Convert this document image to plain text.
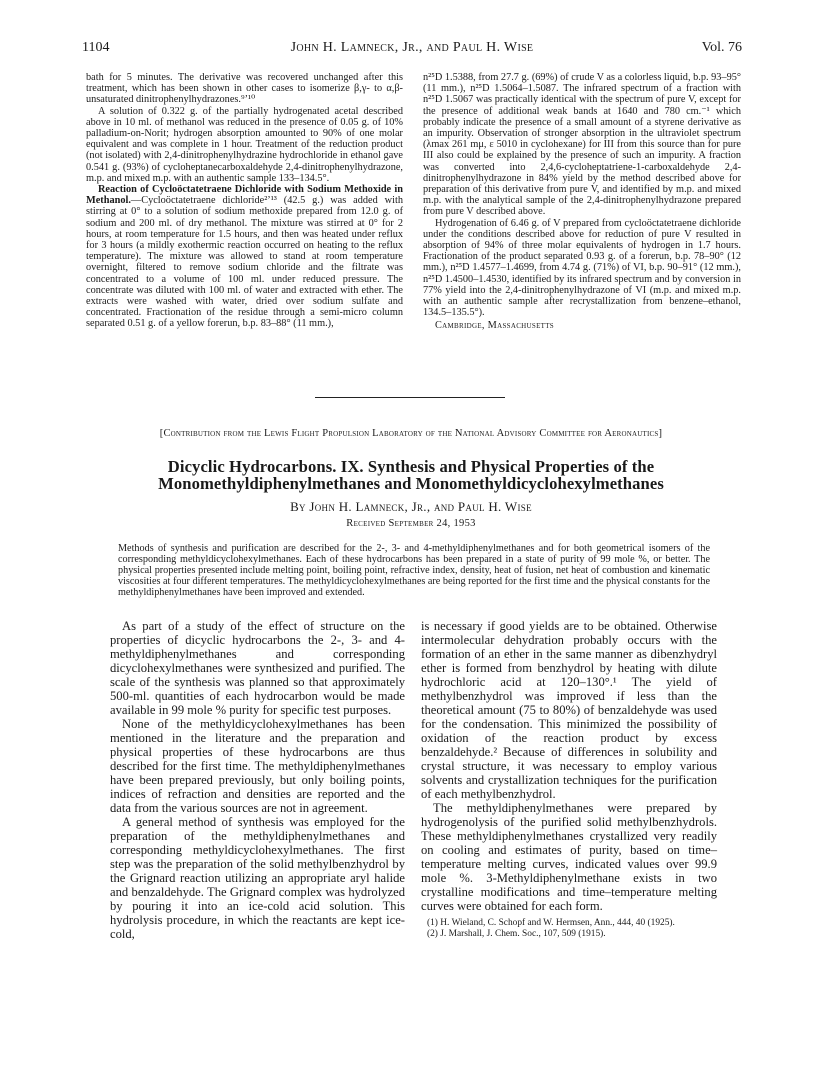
1104	John H. Lamneck, Jr., and Paul H. Wise	Vol. 76

bath for 5 minutes. The derivative was recovered unchanged after this treatment, which has been shown in other cases to isomerize β,γ- to α,β-unsaturated dinitrophenylhydrazones.⁹ʼ¹⁰

A solution of 0.322 g. of the partially hydrogenated acetal described above in 10 ml. of methanol was reduced in the presence of 0.05 g. of 10% palladium-on-Norit; hydrogen absorption amounted to 90% of one molar equivalent and was complete in 1 hour. Treatment of the reduction product (not isolated) with 2,4-dinitrophenylhydrazine hydrochloride in ethanol gave 0.541 g. (93%) of cycloheptanecarboxaldehyde 2,4-dinitrophenylhydrazone, m.p. and mixed m.p. with an authentic sample 133–134.5°.

Reaction of Cycloöctatetraene Dichloride with Sodium Methoxide in Methanol.—Cycloöctatetraene dichloride²ʼ¹³ (42.5 g.) was added with stirring at 0° to a solution of sodium methoxide prepared from 12.0 g. of sodium and 200 ml. of dry methanol. The mixture was stirred at 0° for 2 hours, at room temperature for 1.5 hours, and then was heated under reflux for 3 hours (a mildly exothermic reaction occurred on heating to the reflux temperature). The mixture was allowed to stand at room temperature overnight, filtered to remove sodium chloride and the filtrate was concentrated to a volume of 100 ml. under reduced pressure. The concentrate was diluted with 100 ml. of water and extracted with ether. The extracts were washed with water, dried over sodium sulfate and concentrated. Fractionation of the residue through a semi-micro column separated 0.51 g. of a yellow forerun, b.p. 83–88° (11 mm.),

n²⁵D 1.5388, from 27.7 g. (69%) of crude V as a colorless liquid, b.p. 93–95° (11 mm.), n²⁵D 1.5064–1.5087. The infrared spectrum of a fraction with n²⁵D 1.5067 was practically identical with the spectrum of pure V, except for the presence of additional weak bands at 1640 and 780 cm.⁻¹ which probably indicate the presence of a small amount of a styrene derivative as an impurity. Observation of stronger absorption in the ultraviolet spectrum (λmax 261 mμ, ε 5010 in cyclohexane) for III from this source than for pure III also could be explained by the presence of such an impurity. A fraction was converted into 2,4,6-cycloheptatriene-1-carboxaldehyde 2,4-dinitrophenylhydrazone in 84% yield by the method described above for preparation of this derivative from pure V, and identified by m.p. and mixed m.p. with the analytical sample of the 2,4-dinitrophenylhydrazone prepared from pure V described above.

Hydrogenation of 6.46 g. of V prepared from cycloöctatetraene dichloride under the conditions described above for reduction of pure V resulted in absorption of 94% of three molar equivalents of hydrogen in 1.7 hours. Fractionation of the product separated 0.93 g. of a forerun, b.p. 78–90° (12 mm.), n²⁵D 1.4577–1.4699, from 4.74 g. (71%) of VI, b.p. 90–91° (12 mm.), n²⁵D 1.4500–1.4530, identified by its infrared spectrum and by conversion in 77% yield into the 2,4-dinitrophenylhydrazone of VI (m.p. and mixed m.p. with an authentic sample after recrystallization from benzene–ethanol, 134.5–135.5°).

Cambridge, Massachusetts

[Contribution from the Lewis Flight Propulsion Laboratory of the National Advisory Committee for Aeronautics]
Dicyclic Hydrocarbons. IX. Synthesis and Physical Properties of the
Monomethyldiphenylmethanes and Monomethyldicyclohexylmethanes
By John H. Lamneck, Jr., and Paul H. Wise
Received September 24, 1953
Methods of synthesis and purification are described for the 2-, 3- and 4-methyldiphenylmethanes and for both geometrical isomers of the corresponding methyldicyclohexylmethanes. Each of these hydrocarbons has been prepared in a state of purity of 99 mole %, or better. The physical properties presented include melting point, boiling point, refractive index, density, heat of fusion, net heat of combustion and kinematic viscosities at four different temperatures. The methyldicyclohexylmethanes are being reported for the first time and the physical constants for the methyldiphenylmethanes have been improved and extended.

As part of a study of the effect of structure on the properties of dicyclic hydrocarbons the 2-, 3- and 4-methyldiphenylmethanes and corresponding dicyclohexylmethanes were synthesized and purified. The scale of the synthesis was planned so that approximately 500-ml. quantities of each hydrocarbon would be made available in 99 mole % purity for specific test purposes.

None of the methyldicyclohexylmethanes has been mentioned in the literature and the preparation and physical properties of these hydrocarbons are thus described for the first time. The methyldiphenylmethanes have been prepared previously, but only boiling points, indices of refraction and densities are reported and the data from the various sources are not in agreement.

A general method of synthesis was employed for the preparation of the methyldiphenylmethanes and corresponding methyldicyclohexylmethanes. The first step was the preparation of the solid methylbenzhydrol by the Grignard reaction utilizing an appropriate aryl halide and benzaldehyde. The Grignard complex was hydrolyzed by pouring it into an ice-cold acid solution. This hydrolysis procedure, in which the reactants are kept ice-cold,

is necessary if good yields are to be obtained. Otherwise intermolecular dehydration probably occurs with the formation of an ether in the same manner as dibenzhydryl ether is formed from benzhydrol by heating with dilute hydrochloric acid at 120–130°.¹ The yield of methylbenzhydrol was improved if less than the theoretical amount (75 to 80%) of benzaldehyde was used for the condensation. This minimized the possibility of oxidation of the reaction product by excess benzaldehyde.² Because of differences in solubility and crystal structure, it was necessary to employ various solvents and crystallization techniques for the purification of each methylbenzhydrol.

The methyldiphenylmethanes were prepared by hydrogenolysis of the purified solid methylbenzhydrols. These methyldiphenylmethanes crystallized very readily on cooling and estimates of purity, based on time–temperature melting curves, indicated values over 99.9 mole %. 3-Methyldiphenylmethane exists in two crystalline modifications and time–temperature melting curves were obtained for each form.

(1) H. Wieland, C. Schopf and W. Hermsen, Ann., 444, 40 (1925).
(2) J. Marshall, J. Chem. Soc., 107, 509 (1915).
